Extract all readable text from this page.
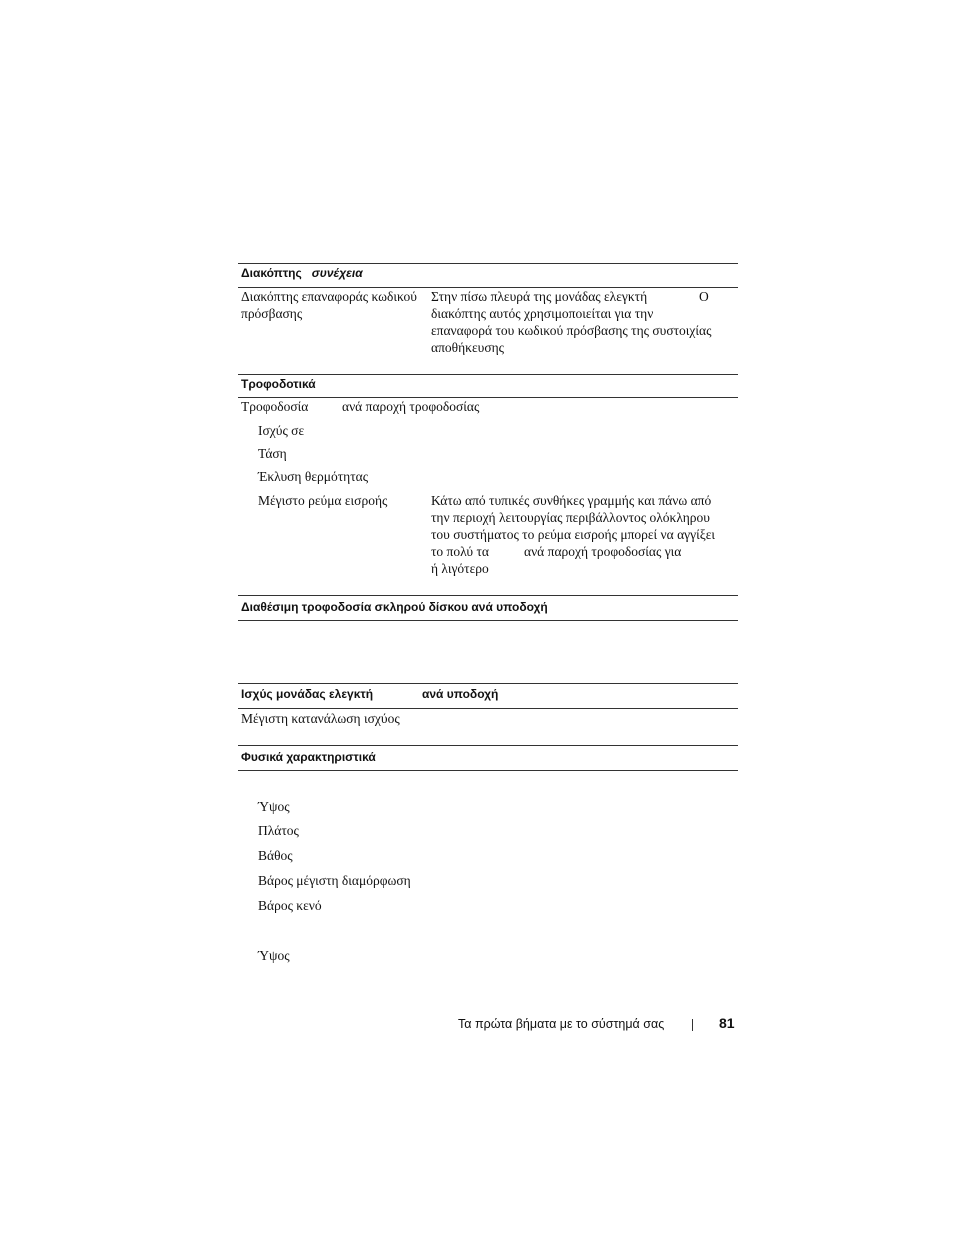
Διακόπτης συνέχεια
Διακόπτης επαναφοράς κωδικού
πρόσβασης
Στην πίσω πλευρά της μονάδας ελεγκτή	Ο
διακόπτης αυτός χρησιμοποιείται για την
επαναφορά του κωδικού πρόσβασης της συστοιχίας
αποθήκευσης
Τροφοδοτικά
Τροφοδοσία ανά παροχή τροφοδοσίας
Ισχύς σε
Τάση
Έκλυση θερμότητας
Μέγιστο ρεύμα εισροής	Κάτω από τυπικές συνθήκες γραμμής και πάνω από
την περιοχή λειτουργίας περιβάλλοντος ολόκληρου
του συστήματος το ρεύμα εισροής μπορεί να αγγίξει
το πολύ τα	ανά παροχή τροφοδοσίας για
ή λιγότερο
Διαθέσιμη τροφοδοσία σκληρού δίσκου ανά υποδοχή
Ισχύς μονάδας ελεγκτή	ανά υποδοχή
Μέγιστη κατανάλωση ισχύος
Φυσικά χαρακτηριστικά
Ύψος
Πλάτος
Βάθος
Βάρος μέγιστη διαμόρφωση
Βάρος κενό
Ύψος
Τα πρώτα βήματα με το σύστημά σας	81
